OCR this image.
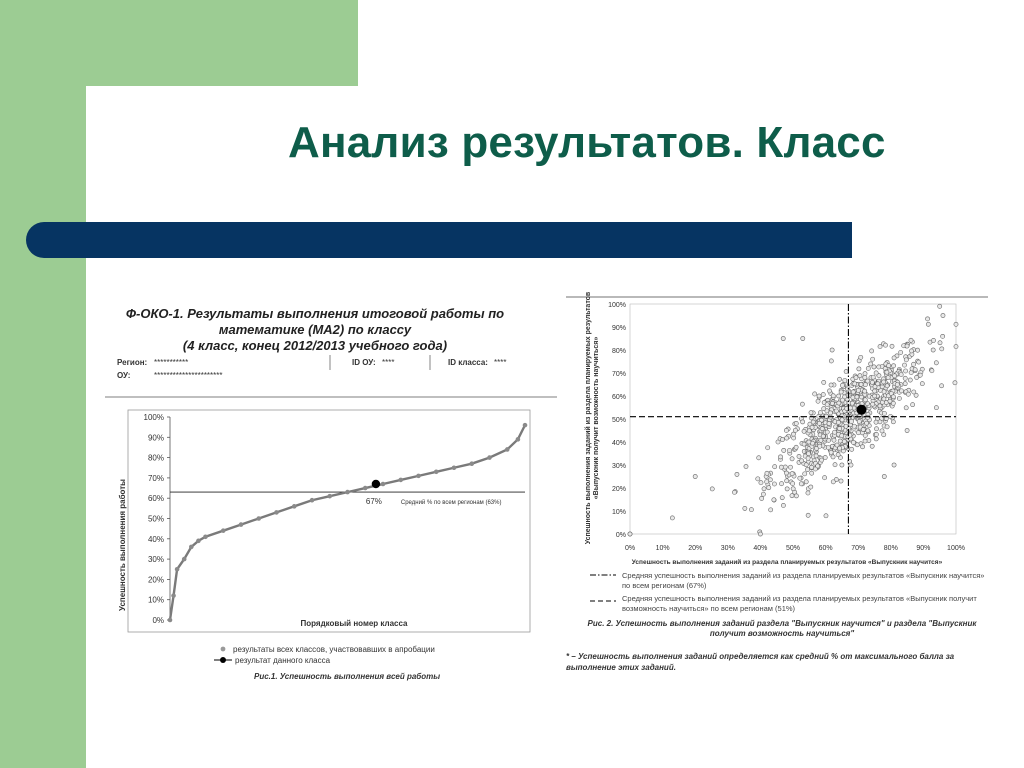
Анализ результатов. Класс
Ф-ОКО-1. Результаты выполнения итоговой работы по
математике (МА2) по классу
(4 класс, конец 2012/2013 учебного года)
Регион: ***********
ОУ:	**********************
ID ОУ: ****	ID класса: ****
Успешность выполнения работы
Порядковый номер класса
0%
10%
20%
30%
40%
50%
60%
70%
80%
90%
100%
67%	Средний % по всем регионам (63%)
результаты всех классов, участвовавших в апробации
результат данного класса
Рис.1. Успешность выполнения всей работы
Успешность выполнения заданий из раздела планируемых результатов	0%
10%
20%
30%
40%
50%
60%
70%
80%
90%
100%
0%	10%	20%	30%	40%	50%	60%	70%	80%	90% 100%
«Выпускник получит возможность научиться»
Успешность выполнения заданий из раздела планируемых результатов «Выпускник научится»
Средняя успешность выполнения заданий из раздела планируемых результатов «Выпускник научится»
по всем регионам (67%)
Средняя успешность выполнения заданий из раздела планируемых результатов «Выпускник получит
возможность научиться» по всем регионам (51%)
Рис. 2. Успешность выполнения заданий раздела "Выпускник научится" и раздела "Выпускник
получит возможность научиться"
* – Успешность выполнения заданий определяется как средний % от максимального балла за
выполнение этих заданий.
